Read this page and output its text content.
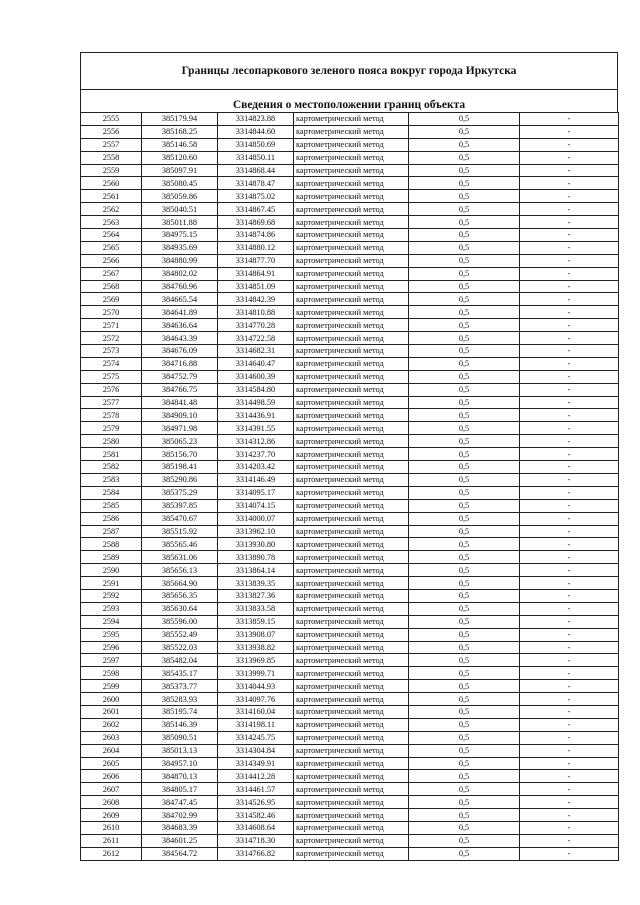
Границы лесопаркового зеленого пояса вокруг города Иркутска
Сведения о местоположении границ объекта
2555	385179.94	3314823.88	картометрический метод	0,5	-
2556	385168.25	3314844.60	картометрический метод	0,5	-
2557	385146.58	3314850.69	картометрический метод	0,5	-
2558	385120.60	3314850.11	картометрический метод	0,5	-
2559	385097.91	3314868.44	картометрический метод	0,5	-
2560	385080.45	3314878.47	картометрический метод	0,5	-
2561	385059.86	3314875.02	картометрический метод	0,5	-
2562	385040.51	3314867.45	картометрический метод	0,5	-
2563	385011.88	3314869.68	картометрический метод	0,5	-
2564	384975.15	3314874.86	картометрический метод	0,5	-
2565	384935.69	3314880.12	картометрический метод	0,5	-
2566	384880.99	3314877.70	картометрический метод	0,5	-
2567	384802.02	3314864.91	картометрический метод	0,5	-
2568	384760.96	3314851.09	картометрический метод	0,5	-
2569	384665.54	3314842.39	картометрический метод	0,5	-
2570	384641.89	3314810.88	картометрический метод	0,5	-
2571	384636.64	3314770.28	картометрический метод	0,5	-
2572	384643.39	3314722.58	картометрический метод	0,5	-
2573	384676.09	3314682.31	картометрический метод	0,5	-
2574	384716.88	3314640.47	картометрический метод	0,5	-
2575	384752.79	3314600.39	картометрический метод	0,5	-
2576	384766.75	3314584.80	картометрический метод	0,5	-
2577	384841.48	3314498.59	картометрический метод	0,5	-
2578	384909.10	3314436.91	картометрический метод	0,5	-
2579	384971.98	3314391.55	картометрический метод	0,5	-
2580	385065.23	3314312.86	картометрический метод	0,5	-
2581	385156.70	3314237.70	картометрический метод	0,5	-
2582	385198.41	3314203.42	картометрический метод	0,5	-
2583	385290.86	3314146.49	картометрический метод	0,5	-
2584	385375.29	3314095.17	картометрический метод	0,5	-
2585	385397.85	3314074.15	картометрический метод	0,5	-
2586	385470.67	3314000.07	картометрический метод	0,5	-
2587	385515.92	3313962.10	картометрический метод	0,5	-
2588	385565.46	3313930.80	картометрический метод	0,5	-
2589	385631.06	3313890.78	картометрический метод	0,5	-
2590	385656.13	3313864.14	картометрический метод	0,5	-
2591	385664.90	3313839.35	картометрический метод	0,5	-
2592	385656.35	3313827.36	картометрический метод	0,5	-
2593	385630.64	3313833.58	картометрический метод	0,5	-
2594	385596.00	3313859.15	картометрический метод	0,5	-
2595	385552.49	3313908.07	картометрический метод	0,5	-
2596	385522.03	3313938.82	картометрический метод	0,5	-
2597	385482.04	3313969.85	картометрический метод	0,5	-
2598	385435.17	3313999.71	картометрический метод	0,5	-
2599	385373.77	3314044.93	картометрический метод	0,5	-
2600	385283.93	3314097.76	картометрический метод	0,5	-
2601	385195.74	3314160.04	картометрический метод	0,5	-
2602	385146.39	3314198.11	картометрический метод	0,5	-
2603	385090.51	3314245.75	картометрический метод	0,5	-
2604	385013.13	3314304.84	картометрический метод	0,5	-
2605	384957.10	3314349.91	картометрический метод	0,5	-
2606	384870.13	3314412.28	картометрический метод	0,5	-
2607	384805.17	3314461.57	картометрический метод	0,5	-
2608	384747.45	3314526.95	картометрический метод	0,5	-
2609	384702.99	3314582.46	картометрический метод	0,5	-
2610	384683.39	3314608.64	картометрический метод	0,5	-
2611	384601.25	3314718.30	картометрический метод	0,5	-
2612	384564.72	3314766.82	картометрический метод	0,5	-
